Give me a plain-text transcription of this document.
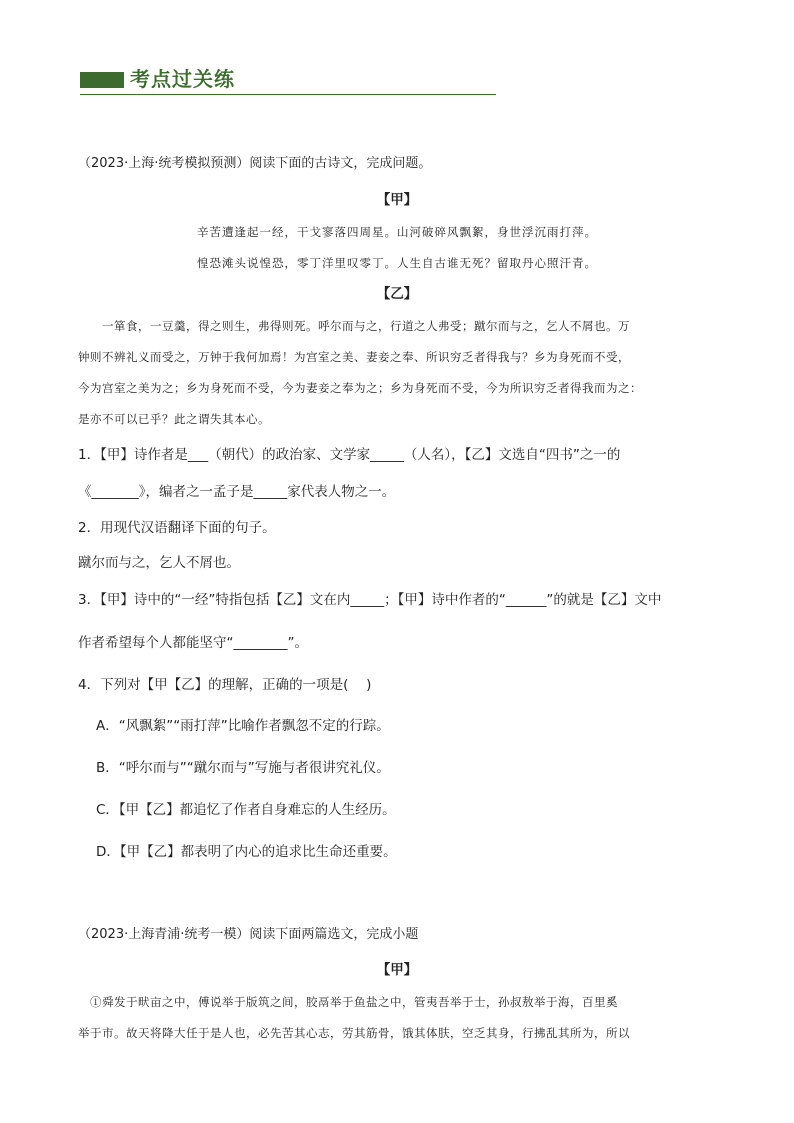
考点过关练
（2023·上海·统考模拟预测）阅读下面的古诗文，完成问题。
【甲】
辛苦遭逢起一经，干戈寥落四周星。山河破碎风飘絮，身世浮沉雨打萍。
惶恐滩头说惶恐，零丁洋里叹零丁。人生自古谁无死？留取丹心照汗青。
【乙】
一箪食，一豆羹，得之则生，弗得则死。呼尔而与之，行道之人弗受；蹴尔而与之，乞人不屑也。万
钟则不辨礼义而受之，万钟于我何加焉！为宫室之美、妻妾之奉、所识穷乏者得我与？乡为身死而不受，
今为宫室之美为之；乡为身死而不受，今为妻妾之奉为之；乡为身死而不受，今为所识穷乏者得我而为之：
是亦不可以已乎？此之谓失其本心。
1．【甲】诗作者是___（朝代）的政治家、文学家_____（人名），【乙】文选自“四书”之一的
《_______》，编者之一孟子是_____家代表人物之一。
2．用现代汉语翻译下面的句子。
蹴尔而与之，乞人不屑也。
3．【甲】诗中的“一经”特指包括【乙】文在内_____；【甲】诗中作者的“______”的就是【乙】文中
作者希望每个人都能坚守“________”。
4．下列对【甲【乙】的理解，正确的一项是(　 )
A．“风飘絮”“雨打萍”比喻作者飘忽不定的行踪。
B．“呼尔而与”“蹴尔而与”写施与者很讲究礼仪。
C．【甲【乙】都追忆了作者自身难忘的人生经历。
D．【甲【乙】都表明了内心的追求比生命还重要。
（2023·上海青浦·统考一模）阅读下面两篇选文，完成小题
【甲】
①舜发于畎亩之中，傅说举于版筑之间，胶鬲举于鱼盐之中，管夷吾举于士，孙叔敖举于海，百里奚
举于市。故天将降大任于是人也，必先苦其心志，劳其筋骨，饿其体肤，空乏其身，行拂乱其所为，所以
